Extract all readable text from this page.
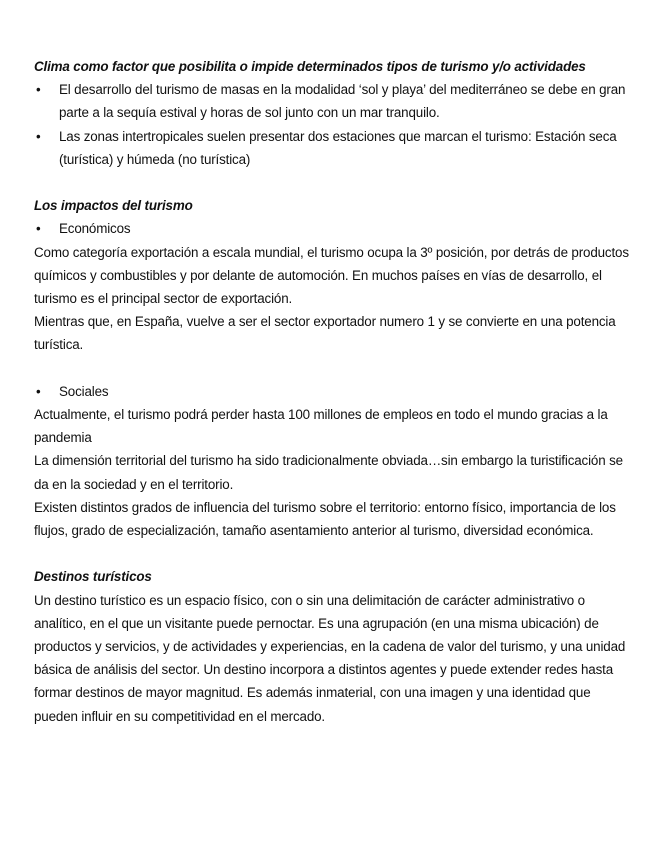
Clima como factor que posibilita o impide determinados tipos de turismo y/o actividades

•	El desarrollo del turismo de masas en la modalidad ‘sol y playa’ del mediterráneo se debe en gran parte a la sequía estival y horas de sol junto con un mar tranquilo.
•	Las zonas intertropicales suelen presentar dos estaciones que marcan el turismo: Estación seca (turística) y húmeda (no turística)

Los impactos del turismo

•	Económicos

Como categoría exportación a escala mundial, el turismo ocupa la 3º posición, por detrás de productos químicos y combustibles y por delante de automoción. En muchos países en vías de desarrollo, el turismo es el principal sector de exportación.

Mientras que, en España, vuelve a ser el sector exportador numero 1 y se convierte en una potencia turística.

•	Sociales

Actualmente, el turismo podrá perder hasta 100 millones de empleos en todo el mundo gracias a la pandemia

La dimensión territorial del turismo ha sido tradicionalmente obviada…sin embargo la turistificación se da en la sociedad y en el territorio.

Existen distintos grados de influencia del turismo sobre el territorio: entorno físico, importancia de los flujos, grado de especialización, tamaño asentamiento anterior al turismo, diversidad económica.

Destinos turísticos

Un destino turístico es un espacio físico, con o sin una delimitación de carácter administrativo o analítico, en el que un visitante puede pernoctar. Es una agrupación (en una misma ubicación) de productos y servicios, y de actividades y experiencias, en la cadena de valor del turismo, y una unidad básica de análisis del sector. Un destino incorpora a distintos agentes y puede extender redes hasta formar destinos de mayor magnitud. Es además inmaterial, con una imagen y una identidad que pueden influir en su competitividad en el mercado.
